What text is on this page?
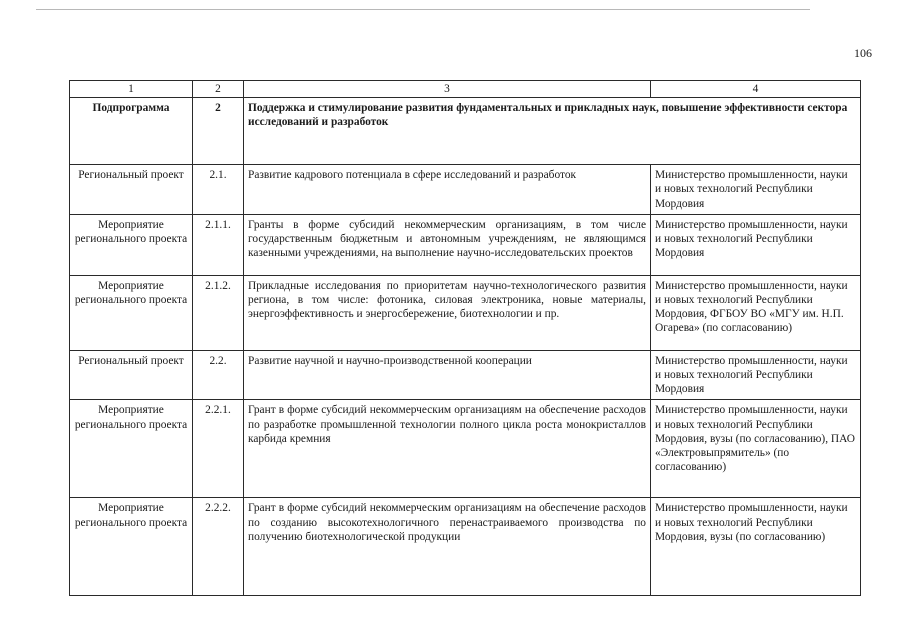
106
1	2	3	4
Подпрограмма	2	Поддержка и стимулирование развития фундаментальных и прикладных наук, повышение эффективности сектора исследований и разработок	
Региональный проект	2.1.	Развитие кадрового потенциала в сфере исследований и разработок	Министерство промышленности, науки и новых технологий Республики Мордовия
Мероприятие регионального проекта	2.1.1.	Гранты в форме субсидий некоммерческим организациям, в том числе государственным бюджетным и автономным учреждениям, не являющимся казенными учреждениями, на выполнение научно-исследовательских проектов	Министерство промышленности, науки и новых технологий Республики Мордовия
Мероприятие регионального проекта	2.1.2.	Прикладные исследования по приоритетам научно-технологического развития региона, в том числе: фотоника, силовая электроника, новые материалы, энергоэффективность и энергосбережение, биотехнологии и пр.	Министерство промышленности, науки и новых технологий Республики Мордовия, ФГБОУ ВО «МГУ им. Н.П. Огарева» (по согласованию)
Региональный проект	2.2.	Развитие научной и научно-производственной кооперации	Министерство промышленности, науки и новых технологий Республики Мордовия
Мероприятие регионального проекта	2.2.1.	Грант в форме субсидий некоммерческим организациям на обеспечение расходов по разработке промышленной технологии полного цикла роста монокристаллов карбида кремния	Министерство промышленности, науки и новых технологий Республики Мордовия, вузы (по согласованию), ПАО «Электровыпрямитель» (по согласованию)
Мероприятие регионального проекта	2.2.2.	Грант в форме субсидий некоммерческим организациям на обеспечение расходов по созданию высокотехнологичного перенастраиваемого производства по получению биотехнологической продукции	Министерство промышленности, науки и новых технологий Республики Мордовия, вузы (по согласованию)
